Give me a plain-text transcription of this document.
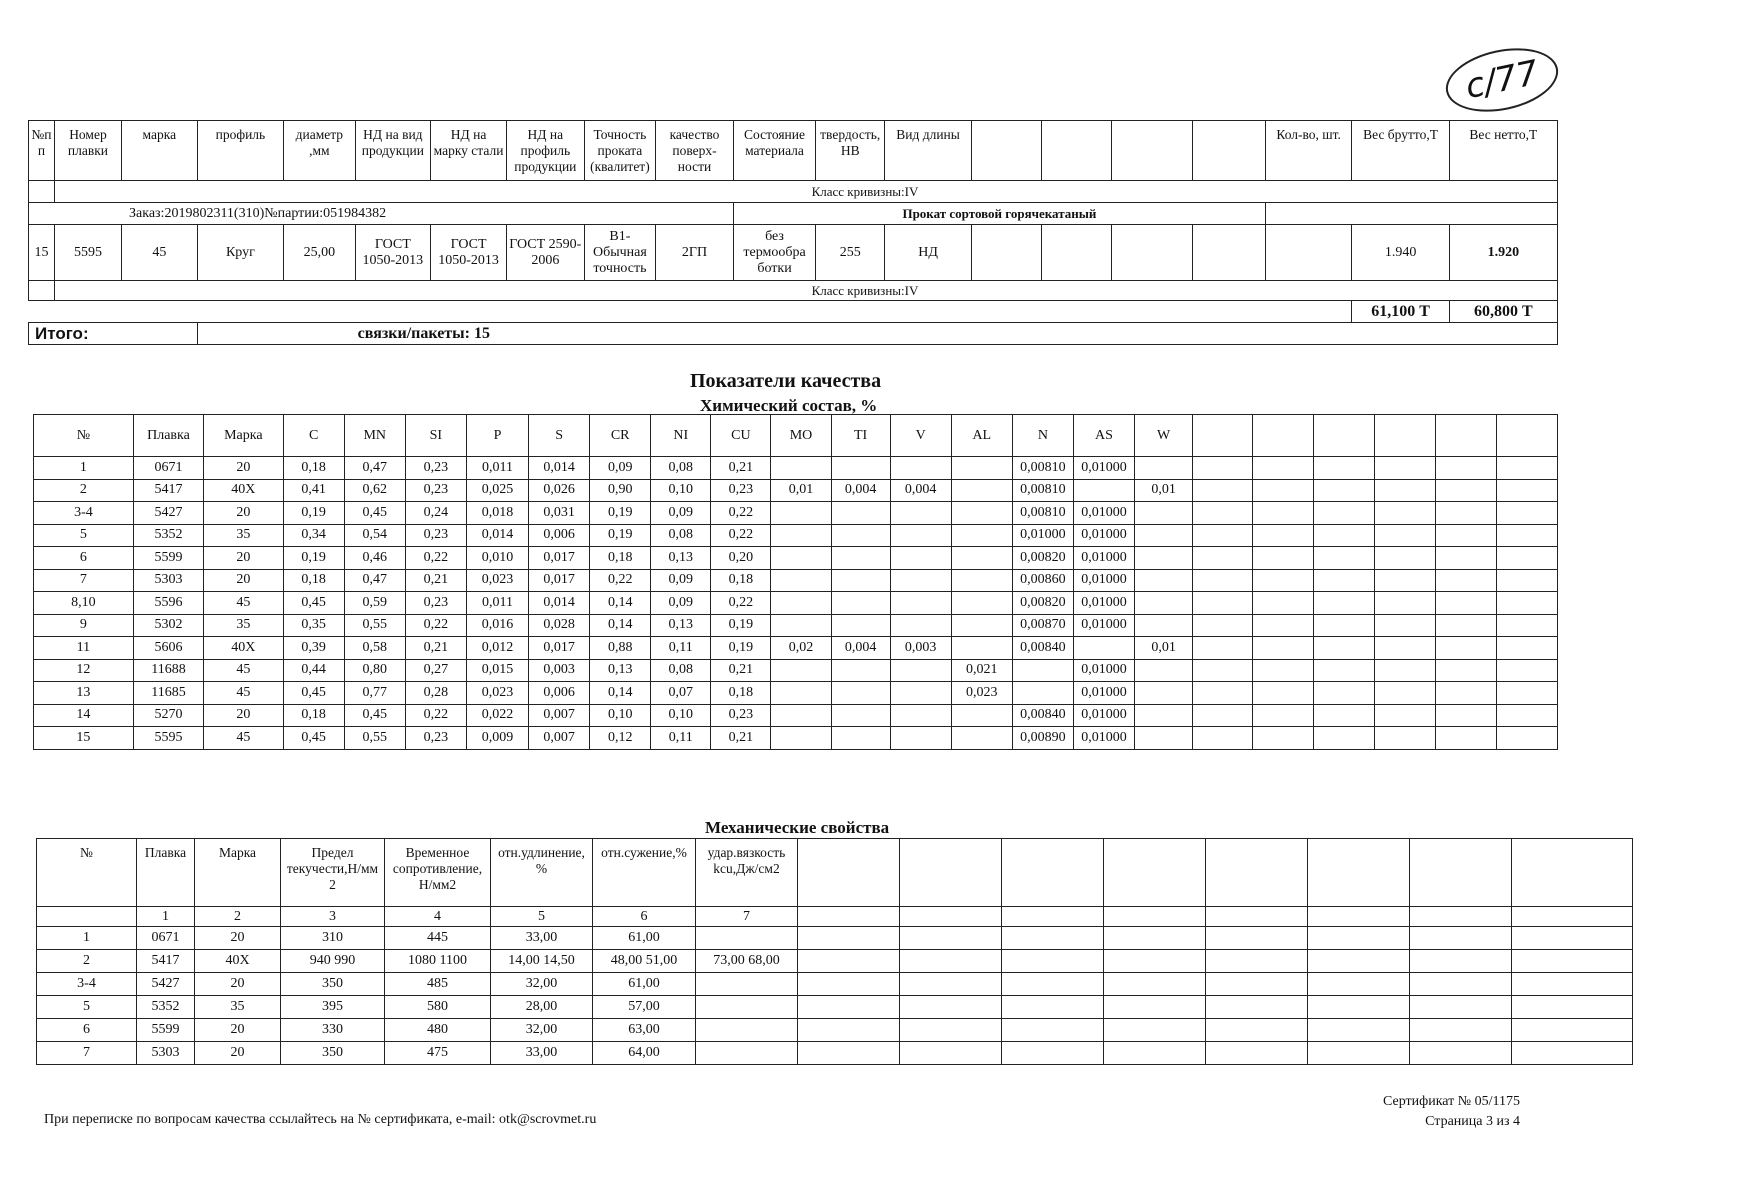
c/77
№п п	Номер плавки	марка	профиль	диаметр ,мм	НД на вид продукции	НД на марку стали	НД на профиль продукции	Точность проката (квалитет)	качество поверх-ности	Состояние материала	твердость, НВ	Вид длины					Кол-во, шт.	Вес брутто,Т	Вес нетто,Т
	Класс кривизны:IV																		
Заказ:2019802311(310)№партии:051984382										Прокат сортовой горячекатаный									
15	5595	45	Круг	25,00	ГОСТ 1050-2013	ГОСТ 1050-2013	ГОСТ 2590-2006	В1- Обычная точность	2ГП	без термообра ботки	255	НД						1.940	1.920
	Класс кривизны:IV																		
																		61,100 Т	60,800 Т
Итого:			связки/пакеты: 15																
Показатели качества
Химический состав, %
№	Плавка	Марка	C	MN	SI	P	S	CR	NI	CU	MO	TI	V	AL	N	AS	W						
1	0671	20	0,18	0,47	0,23	0,011	0,014	0,09	0,08	0,21					0,00810	0,01000							
2	5417	40Х	0,41	0,62	0,23	0,025	0,026	0,90	0,10	0,23	0,01	0,004	0,004		0,00810		0,01						
3-4	5427	20	0,19	0,45	0,24	0,018	0,031	0,19	0,09	0,22					0,00810	0,01000							
5	5352	35	0,34	0,54	0,23	0,014	0,006	0,19	0,08	0,22					0,01000	0,01000							
6	5599	20	0,19	0,46	0,22	0,010	0,017	0,18	0,13	0,20					0,00820	0,01000							
7	5303	20	0,18	0,47	0,21	0,023	0,017	0,22	0,09	0,18					0,00860	0,01000							
8,10	5596	45	0,45	0,59	0,23	0,011	0,014	0,14	0,09	0,22					0,00820	0,01000							
9	5302	35	0,35	0,55	0,22	0,016	0,028	0,14	0,13	0,19					0,00870	0,01000							
11	5606	40Х	0,39	0,58	0,21	0,012	0,017	0,88	0,11	0,19	0,02	0,004	0,003		0,00840		0,01						
12	11688	45	0,44	0,80	0,27	0,015	0,003	0,13	0,08	0,21				0,021		0,01000							
13	11685	45	0,45	0,77	0,28	0,023	0,006	0,14	0,07	0,18				0,023		0,01000							
14	5270	20	0,18	0,45	0,22	0,022	0,007	0,10	0,10	0,23					0,00840	0,01000							
15	5595	45	0,45	0,55	0,23	0,009	0,007	0,12	0,11	0,21					0,00890	0,01000							
Механические свойства
№	Плавка	Марка	Предел текучести,Н/мм 2	Временное сопротивление, Н/мм2	отн.удлинение, %	отн.сужение,%	удар.вязкость kcu,Дж/см2								
	1	2	3	4	5	6	7								
1	0671	20	310	445	33,00	61,00									
2	5417	40Х	940 990	1080 1100	14,00 14,50	48,00 51,00	73,00 68,00								
3-4	5427	20	350	485	32,00	61,00									
5	5352	35	395	580	28,00	57,00									
6	5599	20	330	480	32,00	63,00									
7	5303	20	350	475	33,00	64,00									
При переписке по вопросам качества ссылайтесь на № сертификата, e-mail: otk@scrovmet.ru
Сертификат № 05/1175
Страница 3 из 4
